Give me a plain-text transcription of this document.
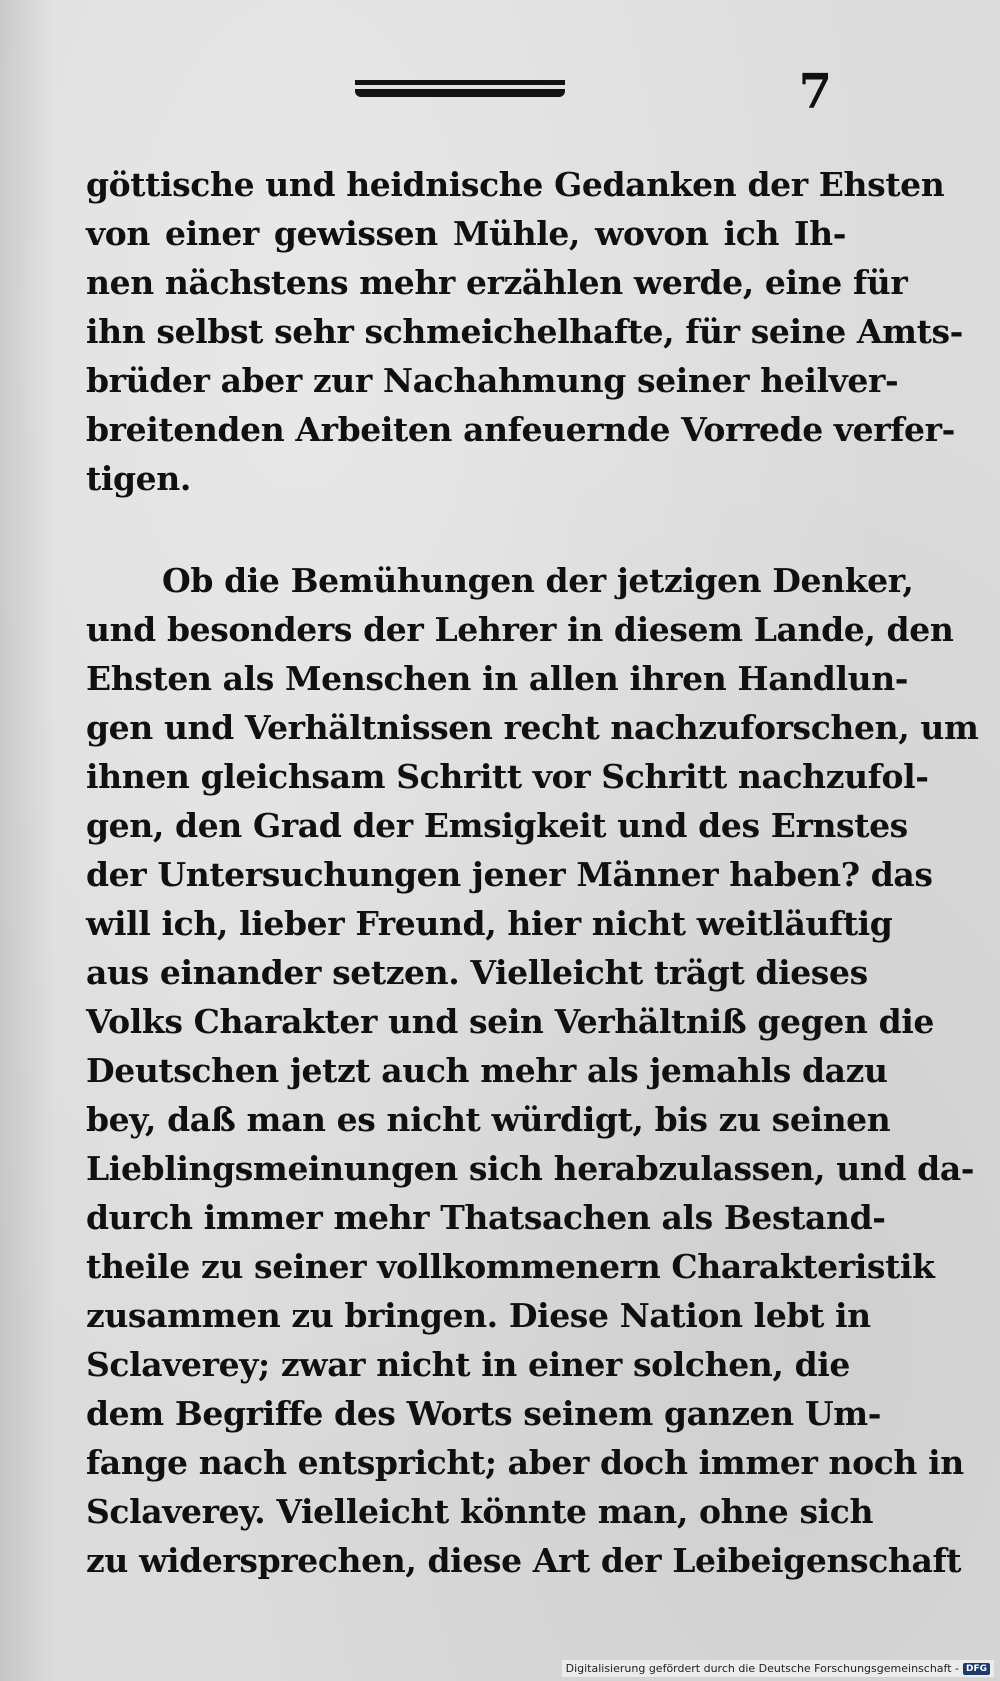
7
göttische und heidnische Gedanken der Ehsten
von einer gewissen Mühle, wovon ich Ih-
nen nächstens mehr erzählen werde, eine für
ihn selbst sehr schmeichelhafte, für seine Amts-
brüder aber zur Nachahmung seiner heilver-
breitenden Arbeiten anfeuernde Vorrede verfer-
tigen.
Ob die Bemühungen der jetzigen Denker,
und besonders der Lehrer in diesem Lande, den
Ehsten als Menschen in allen ihren Handlun-
gen und Verhältnissen recht nachzuforschen, um
ihnen gleichsam Schritt vor Schritt nachzufol-
gen, den Grad der Emsigkeit und des Ernstes
der Untersuchungen jener Männer haben? das
will ich, lieber Freund, hier nicht weitläuftig
aus einander setzen. Vielleicht trägt dieses
Volks Charakter und sein Verhältniß gegen die
Deutschen jetzt auch mehr als jemahls dazu
bey, daß man es nicht würdigt, bis zu seinen
Lieblingsmeinungen sich herabzulassen, und da-
durch immer mehr Thatsachen als Bestand-
theile zu seiner vollkommenern Charakteristik
zusammen zu bringen. Diese Nation lebt in
Sclaverey; zwar nicht in einer solchen, die
dem Begriffe des Worts seinem ganzen Um-
fange nach entspricht; aber doch immer noch in
Sclaverey. Vielleicht könnte man, ohne sich
zu widersprechen, diese Art der Leibeigenschaft
Digitalisierung gefördert durch die Deutsche Forschungsgemeinschaft - DFG
